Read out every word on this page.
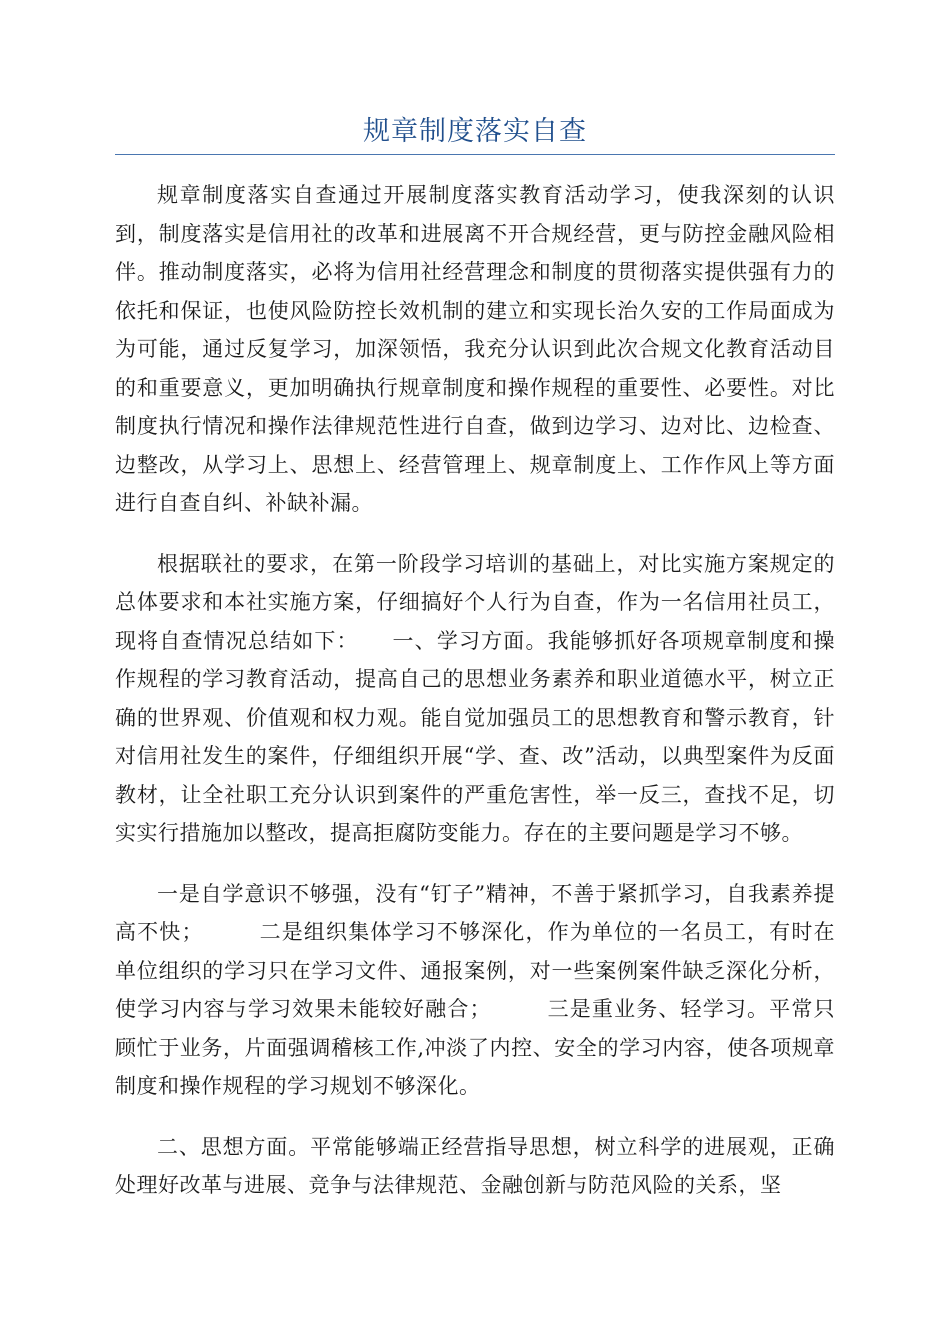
规章制度落实自查

规章制度落实自查通过开展制度落实教育活动学习，使我深刻的认识到，制度落实是信用社的改革和进展离不开合规经营，更与防控金融风险相伴。推动制度落实，必将为信用社经营理念和制度的贯彻落实提供强有力的依托和保证，也使风险防控长效机制的建立和实现长治久安的工作局面成为为可能，通过反复学习，加深领悟，我充分认识到此次合规文化教育活动目的和重要意义，更加明确执行规章制度和操作规程的重要性、必要性。对比制度执行情况和操作法律规范性进行自查，做到边学习、边对比、边检查、边整改，从学习上、思想上、经营管理上、规章制度上、工作作风上等方面进行自查自纠、补缺补漏。

根据联社的要求，在第一阶段学习培训的基础上，对比实施方案规定的总体要求和本社实施方案，仔细搞好个人行为自查，作为一名信用社员工，现将自查情况总结如下：　　一、学习方面。我能够抓好各项规章制度和操作规程的学习教育活动，提高自己的思想业务素养和职业道德水平，树立正确的世界观、价值观和权力观。能自觉加强员工的思想教育和警示教育，针对信用社发生的案件，仔细组织开展“学、查、改”活动，以典型案件为反面教材，让全社职工充分认识到案件的严重危害性，举一反三，查找不足，切实实行措施加以整改，提高拒腐防变能力。存在的主要问题是学习不够。

一是自学意识不够强，没有“钉子”精神，不善于紧抓学习，自我素养提高不快；　　　二是组织集体学习不够深化，作为单位的一名员工，有时在单位组织的学习只在学习文件、通报案例，对一些案例案件缺乏深化分析，使学习内容与学习效果未能较好融合；　　　三是重业务、轻学习。平常只顾忙于业务，片面强调稽核工作,冲淡了内控、安全的学习内容，使各项规章制度和操作规程的学习规划不够深化。

二、思想方面。平常能够端正经营指导思想，树立科学的进展观，正确处理好改革与进展、竞争与法律规范、金融创新与防范风险的关系，坚
